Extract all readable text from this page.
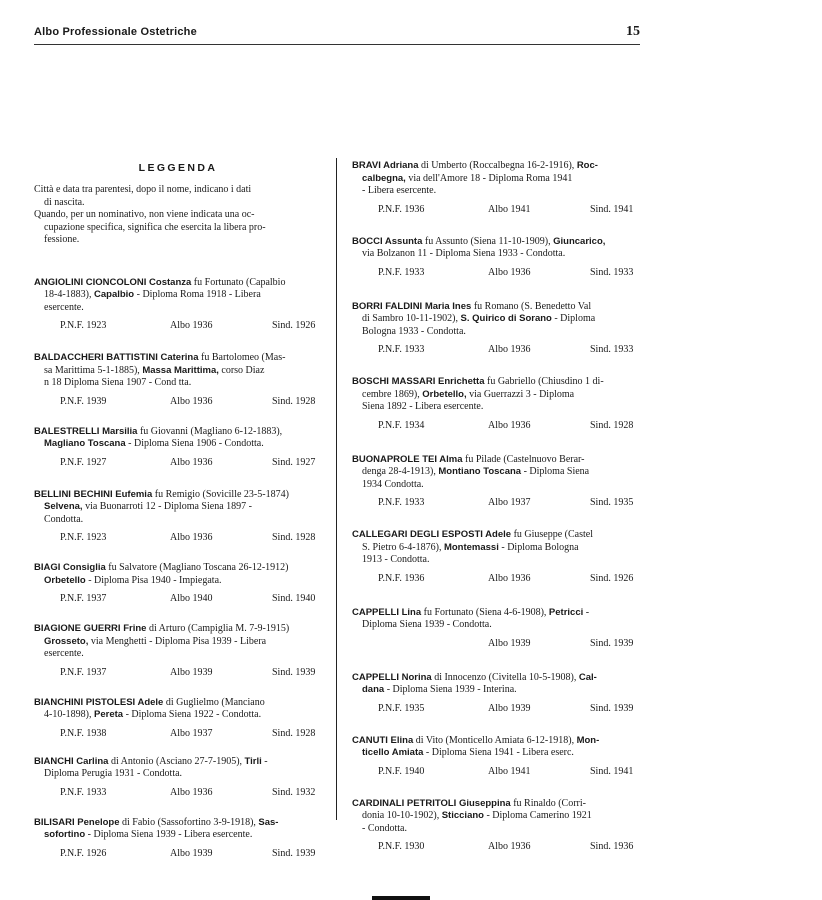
Albo Professionale Ostetriche	15
LEGGENDA
Città e data tra parentesi, dopo il nome, indicano i dati
di nascita.
Quando, per un nominativo, non viene indicata una oc-

cupazione specifica, significa che esercita la libera pro-
fessione.
ANGIOLINI CIONCOLONI Costanza fu Fortunato (Capalbio
18-4-1883), Capalbio - Diploma Roma 1918 - Libera
esercente.
P.N.F. 1923	Albo 1936	Sind. 1926
BALDACCHERI BATTISTINI Caterina fu Bartolomeo (Mas-
sa Marittima 5-1-1885), Massa Marittima, corso Diaz
n 18 Diploma Siena 1907 - Cond tta.
P.N.F. 1939	Albo 1936	Sind. 1928
BALESTRELLI Marsilia fu Giovanni (Magliano 6-12-1883),
Magliano Toscana - Diploma Siena 1906 - Condotta.
P.N.F. 1927	Albo 1936	Sind. 1927
BELLINI BECHINI Eufemia fu Remigio (Sovicille 23-5-1874)
Selvena, via Buonarroti 12 - Diploma Siena 1897 -
Condotta.
P.N.F. 1923	Albo 1936	Sind. 1928
BIAGI Consiglia fu Salvatore (Magliano Toscana 26-12-1912)
Orbetello - Diploma Pisa 1940 - Impiegata.
P.N.F. 1937	Albo 1940	Sind. 1940
BIAGIONE GUERRI Frine di Arturo (Campiglia M. 7-9-1915)
Grosseto, via Menghetti - Diploma Pisa 1939 - Libera
esercente.
P.N.F. 1937	Albo 1939	Sind. 1939
BIANCHINI PISTOLESI Adele di Guglielmo (Manciano
4-10-1898), Pereta - Diploma Siena 1922 - Condotta.
P.N.F. 1938	Albo 1937	Sind. 1928
BIANCHI Carlina di Antonio (Asciano 27-7-1905), Tirli -
Diploma Perugia 1931 - Condotta.
P.N.F. 1933	Albo 1936	Sind. 1932
BILISARI Penelope di Fabio (Sassofortino 3-9-1918), Sas-
sofortino - Diploma Siena 1939 - Libera esercente.
P.N.F. 1926	Albo 1939	Sind. 1939
BRAVI Adriana di Umberto (Roccalbegna 16-2-1916), Roc-
calbegna, via dell'Amore 18 - Diploma Roma 1941
- Libera esercente.
P.N.F. 1936	Albo 1941	Sind. 1941
BOCCI Assunta fu Assunto (Siena 11-10-1909), Giuncarico,
via Bolzanon 11 - Diploma Siena 1933 - Condotta.
P.N.F. 1933	Albo 1936	Sind. 1933
BORRI FALDINI Maria Ines fu Romano (S. Benedetto Val
di Sambro 10-11-1902), S. Quirico di Sorano - Diploma
Bologna 1933 - Condotta.
P.N.F. 1933	Albo 1936	Sind. 1933
BOSCHI MASSARI Enrichetta fu Gabriello (Chiusdino 1 di-
cembre 1869), Orbetello, via Guerrazzi 3 - Diploma
Siena 1892 - Libera esercente.
P.N.F. 1934	Albo 1936	Sind. 1928
BUONAPROLE TEI Alma fu Pilade (Castelnuovo Berar-
denga 28-4-1913), Montiano Toscana - Diploma Siena
1934 Condotta.
P.N.F. 1933	Albo 1937	Sind. 1935
CALLEGARI DEGLI ESPOSTI Adele fu Giuseppe (Castel
S. Pietro 6-4-1876), Montemassi - Diploma Bologna
1913 - Condotta.
P.N.F. 1936	Albo 1936	Sind. 1926
CAPPELLI Lina fu Fortunato (Siena 4-6-1908), Petricci -
Diploma Siena 1939 - Condotta.
Albo 1939	Sind. 1939
CAPPELLI Norina di Innocenzo (Civitella 10-5-1908), Cal-
dana - Diploma Siena 1939 - Interina.
P.N.F. 1935	Albo 1939	Sind. 1939
CANUTI Elina di Vito (Monticello Amiata 6-12-1918), Mon-
ticello Amiata - Diploma Siena 1941 - Libera eserc.
P.N.F. 1940	Albo 1941	Sind. 1941
CARDINALI PETRITOLI Giuseppina fu Rinaldo (Corri-
donia 10-10-1902), Sticciano - Diploma Camerino 1921
- Condotta.
P.N.F. 1930	Albo 1936	Sind. 1936
